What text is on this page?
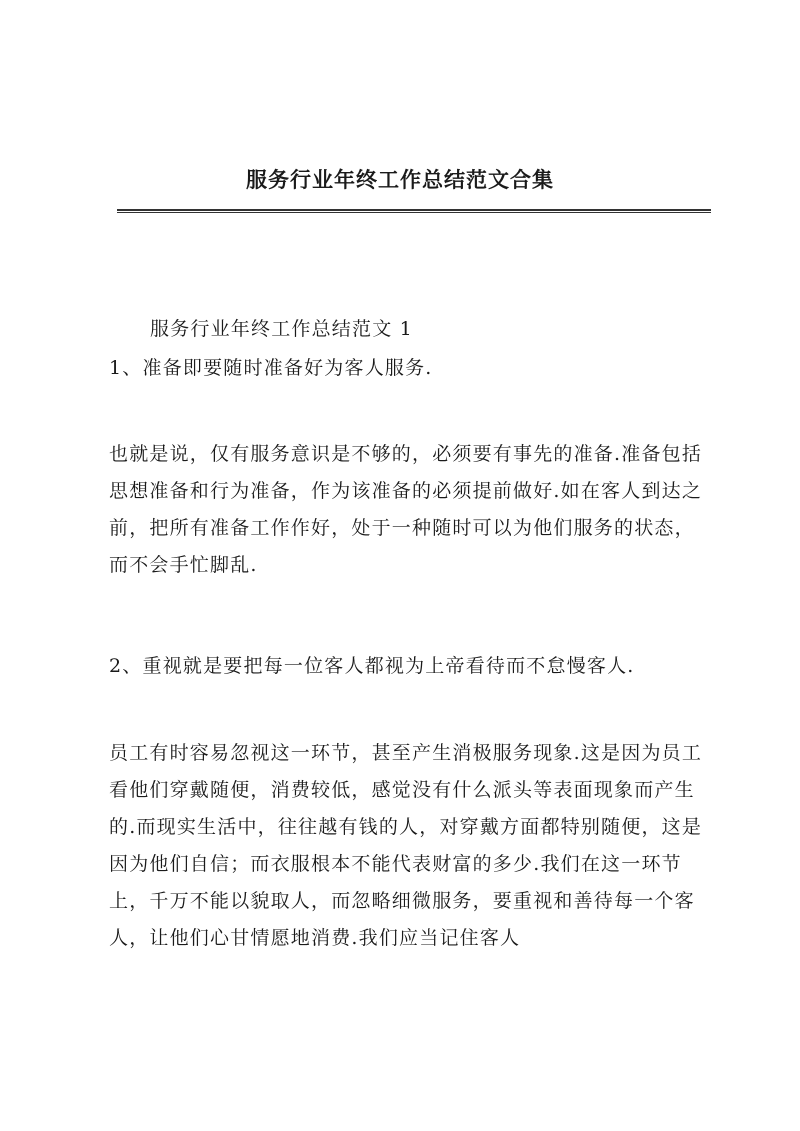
服务行业年终工作总结范文合集

服务行业年终工作总结范文 1

1、准备即要随时准备好为客人服务.

也就是说，仅有服务意识是不够的，必须要有事先的准备.准备包括思想准备和行为准备，作为该准备的必须提前做好.如在客人到达之前，把所有准备工作作好，处于一种随时可以为他们服务的状态，而不会手忙脚乱.

2、重视就是要把每一位客人都视为上帝看待而不怠慢客人.

员工有时容易忽视这一环节，甚至产生消极服务现象.这是因为员工看他们穿戴随便，消费较低，感觉没有什么派头等表面现象而产生的.而现实生活中，往往越有钱的人，对穿戴方面都特别随便，这是因为他们自信；而衣服根本不能代表财富的多少.我们在这一环节上，千万不能以貌取人，而忽略细微服务，要重视和善待每一个客人，让他们心甘情愿地消费.我们应当记住客人
